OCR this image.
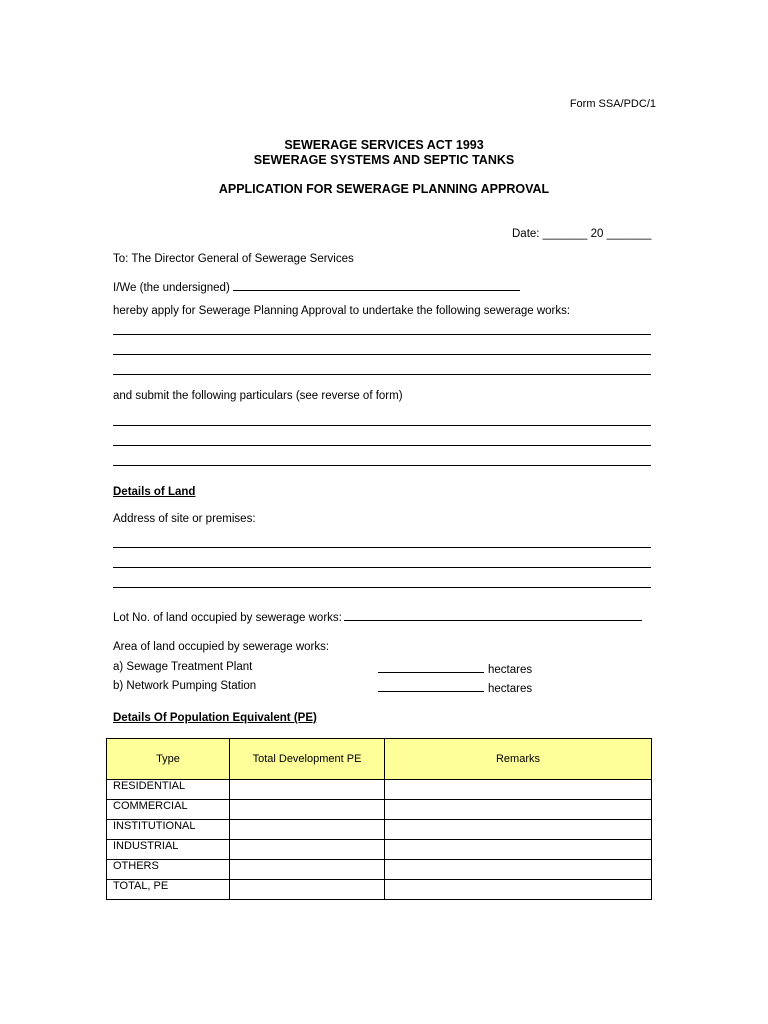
Form SSA/PDC/1
SEWERAGE SERVICES ACT 1993
SEWERAGE SYSTEMS AND SEPTIC TANKS
APPLICATION FOR SEWERAGE PLANNING APPROVAL
Date: _______ 20 _______
To: The Director General of Sewerage Services
I/We (the undersigned)
hereby apply for Sewerage Planning Approval to undertake the following sewerage works:
and submit the following particulars (see reverse of form)
Details of Land
Address of site or premises:
Lot No. of land occupied by sewerage works:
Area of land occupied by sewerage works:
a) Sewage Treatment Plant
b) Network Pumping Station
hectares
hectares
Details Of Population Equivalent (PE)
Type	Total Development PE	Remarks
RESIDENTIAL		
COMMERCIAL		
INSTITUTIONAL		
INDUSTRIAL		
OTHERS		
TOTAL, PE		
